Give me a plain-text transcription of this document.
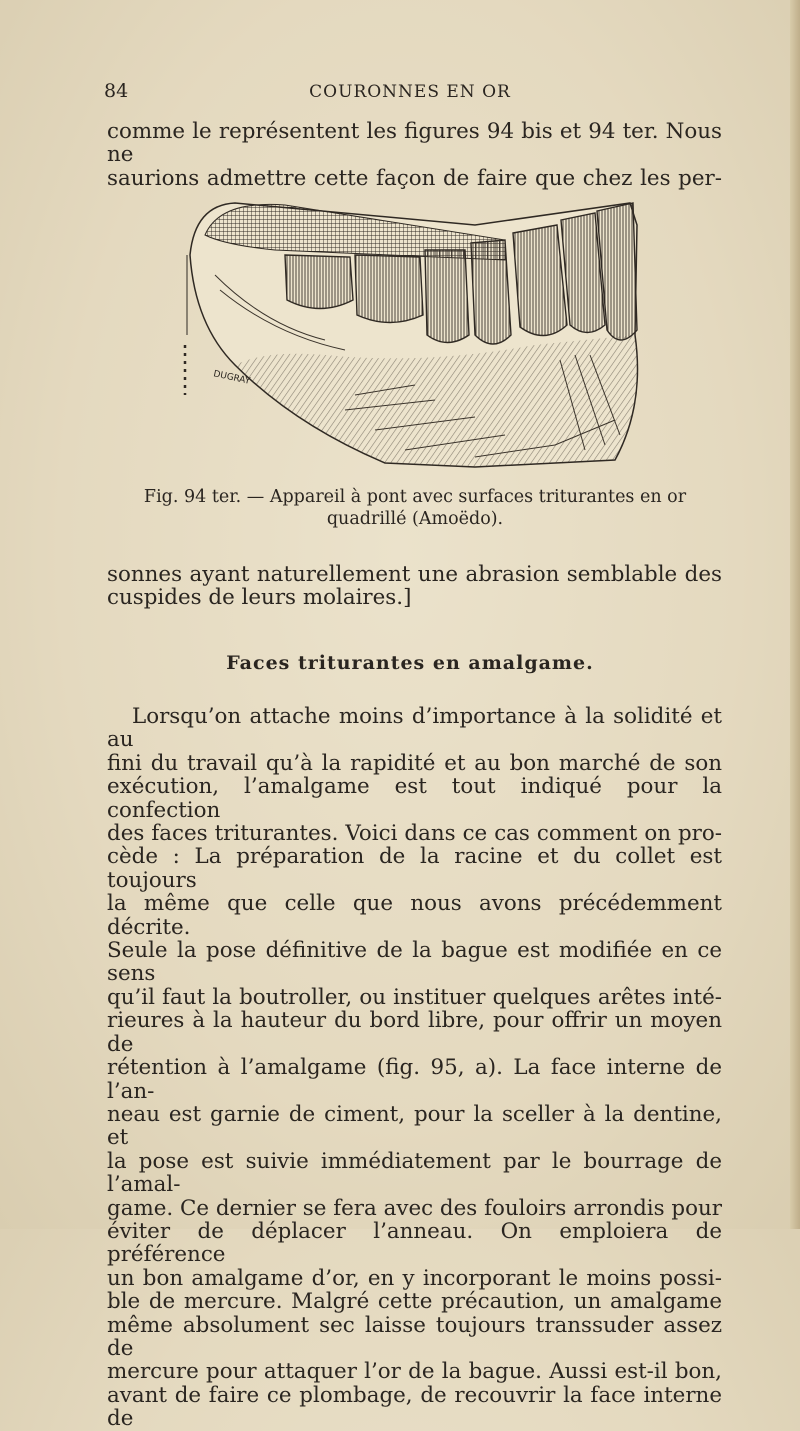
84	COURONNES EN OR

comme le représentent les figures 94 bis et 94 ter. Nous ne
saurions admettre cette façon de faire que chez les per-

DUGRAY
Fig. 94 ter. — Appareil à pont avec surfaces triturantes en or
quadrillé (Amoëdo).

sonnes ayant naturellement une abrasion semblable des
cuspides de leurs molaires.]

Faces triturantes en amalgame.

Lorsqu’on attache moins d’importance à la solidité et au
fini du travail qu’à la rapidité et au bon marché de son
exécution, l’amalgame est tout indiqué pour la confection
des faces triturantes. Voici dans ce cas comment on pro-
cède : La préparation de la racine et du collet est toujours
la même que celle que nous avons précédemment décrite.
Seule la pose définitive de la bague est modifiée en ce sens
qu’il faut la boutroller, ou instituer quelques arêtes inté-
rieures à la hauteur du bord libre, pour offrir un moyen de
rétention à l’amalgame (fig. 95, a). La face interne de l’an-
neau est garnie de ciment, pour la sceller à la dentine, et
la pose est suivie immédiatement par le bourrage de l’amal-
game. Ce dernier se fera avec des fouloirs arrondis pour
éviter de déplacer l’anneau. On emploiera de préférence
un bon amalgame d’or, en y incorporant le moins possi-
ble de mercure. Malgré cette précaution, un amalgame
même absolument sec laisse toujours transsuder assez de
mercure pour attaquer l’or de la bague. Aussi est-il bon,
avant de faire ce plombage, de recouvrir la face interne de
